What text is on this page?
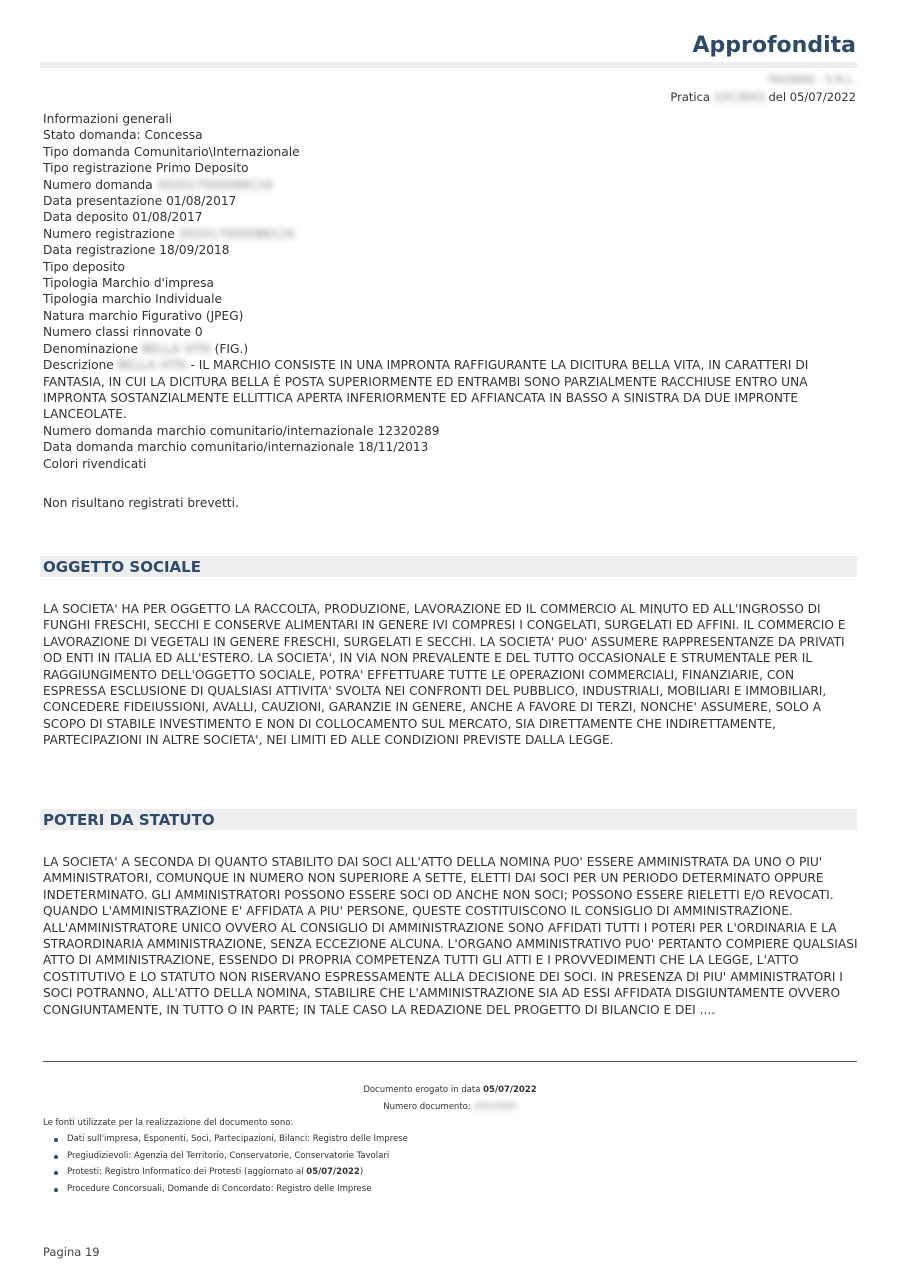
Approfondita
PAGNAN - S.R.L.
Pratica 1913843 del 05/07/2022
Informazioni generali
Stato domanda: Concessa
Tipo domanda Comunitario\Internazionale
Tipo registrazione Primo Deposito
Numero domanda 302017000088116
Data presentazione 01/08/2017
Data deposito 01/08/2017
Numero registrazione 302017000088116
Data registrazione 18/09/2018
Tipo deposito
Tipologia Marchio d'impresa
Tipologia marchio Individuale
Natura marchio Figurativo (JPEG)
Numero classi rinnovate 0
Denominazione BELLA VITA (FIG.)
Descrizione BELLA VITA - IL MARCHIO CONSISTE IN UNA IMPRONTA RAFFIGURANTE LA DICITURA BELLA VITA, IN CARATTERI DI FANTASIA, IN CUI LA DICITURA BELLA È POSTA SUPERIORMENTE ED ENTRAMBI SONO PARZIALMENTE RACCHIUSE ENTRO UNA IMPRONTA SOSTANZIALMENTE ELLITTICA APERTA INFERIORMENTE ED AFFIANCATA IN BASSO A SINISTRA DA DUE IMPRONTE LANCEOLATE.
Numero domanda marchio comunitario/internazionale 12320289
Data domanda marchio comunitario/internazionale 18/11/2013
Colori rivendicati
Non risultano registrati brevetti.
OGGETTO SOCIALE
LA SOCIETA' HA PER OGGETTO LA RACCOLTA, PRODUZIONE, LAVORAZIONE ED IL COMMERCIO AL MINUTO ED ALL'INGROSSO DI FUNGHI FRESCHI, SECCHI E CONSERVE ALIMENTARI IN GENERE IVI COMPRESI I CONGELATI, SURGELATI ED AFFINI. IL COMMERCIO E LAVORAZIONE DI VEGETALI IN GENERE FRESCHI, SURGELATI E SECCHI. LA SOCIETA' PUO' ASSUMERE RAPPRESENTANZE DA PRIVATI OD ENTI IN ITALIA ED ALL'ESTERO. LA SOCIETA', IN VIA NON PREVALENTE E DEL TUTTO OCCASIONALE E STRUMENTALE PER IL RAGGIUNGIMENTO DELL'OGGETTO SOCIALE, POTRA' EFFETTUARE TUTTE LE OPERAZIONI COMMERCIALI, FINANZIARIE, CON ESPRESSA ESCLUSIONE DI QUALSIASI ATTIVITA' SVOLTA NEI CONFRONTI DEL PUBBLICO, INDUSTRIALI, MOBILIARI E IMMOBILIARI, CONCEDERE FIDEIUSSIONI, AVALLI, CAUZIONI, GARANZIE IN GENERE, ANCHE A FAVORE DI TERZI, NONCHE' ASSUMERE, SOLO A SCOPO DI STABILE INVESTIMENTO E NON DI COLLOCAMENTO SUL MERCATO, SIA DIRETTAMENTE CHE INDIRETTAMENTE, PARTECIPAZIONI IN ALTRE SOCIETA', NEI LIMITI ED ALLE CONDIZIONI PREVISTE DALLA LEGGE.
POTERI DA STATUTO
LA SOCIETA' A SECONDA DI QUANTO STABILITO DAI SOCI ALL'ATTO DELLA NOMINA PUO' ESSERE AMMINISTRATA DA UNO O PIU' AMMINISTRATORI, COMUNQUE IN NUMERO NON SUPERIORE A SETTE, ELETTI DAI SOCI PER UN PERIODO DETERMINATO OPPURE INDETERMINATO. GLI AMMINISTRATORI POSSONO ESSERE SOCI OD ANCHE NON SOCI; POSSONO ESSERE RIELETTI E/O REVOCATI. QUANDO L'AMMINISTRAZIONE E' AFFIDATA A PIU' PERSONE, QUESTE COSTITUISCONO IL CONSIGLIO DI AMMINISTRAZIONE. ALL'AMMINISTRATORE UNICO OVVERO AL CONSIGLIO DI AMMINISTRAZIONE SONO AFFIDATI TUTTI I POTERI PER L'ORDINARIA E LA STRAORDINARIA AMMINISTRAZIONE, SENZA ECCEZIONE ALCUNA. L'ORGANO AMMINISTRATIVO PUO' PERTANTO COMPIERE QUALSIASI ATTO DI AMMINISTRAZIONE, ESSENDO DI PROPRIA COMPETENZA TUTTI GLI ATTI E I PROVVEDIMENTI CHE LA LEGGE, L'ATTO COSTITUTIVO E LO STATUTO NON RISERVANO ESPRESSAMENTE ALLA DECISIONE DEI SOCI. IN PRESENZA DI PIU' AMMINISTRATORI I SOCI POTRANNO, ALL'ATTO DELLA NOMINA, STABILIRE CHE L'AMMINISTRAZIONE SIA AD ESSI AFFIDATA DISGIUNTAMENTE OVVERO CONGIUNTAMENTE, IN TUTTO O IN PARTE; IN TALE CASO LA REDAZIONE DEL PROGETTO DI BILANCIO E DEI ....
Documento erogato in data 05/07/2022
Numero documento: 19919849
Le fonti utilizzate per la realizzazione del documento sono:
Dati sull'impresa, Esponenti, Soci, Partecipazioni, Bilanci: Registro delle Imprese
Pregiudizievoli: Agenzia del Territorio, Conservatorie, Conservatorie Tavolari
Protesti: Registro Informatico dei Protesti (aggiornato al 05/07/2022)
Procedure Concorsuali, Domande di Concordato: Registro delle Imprese
Pagina 19
